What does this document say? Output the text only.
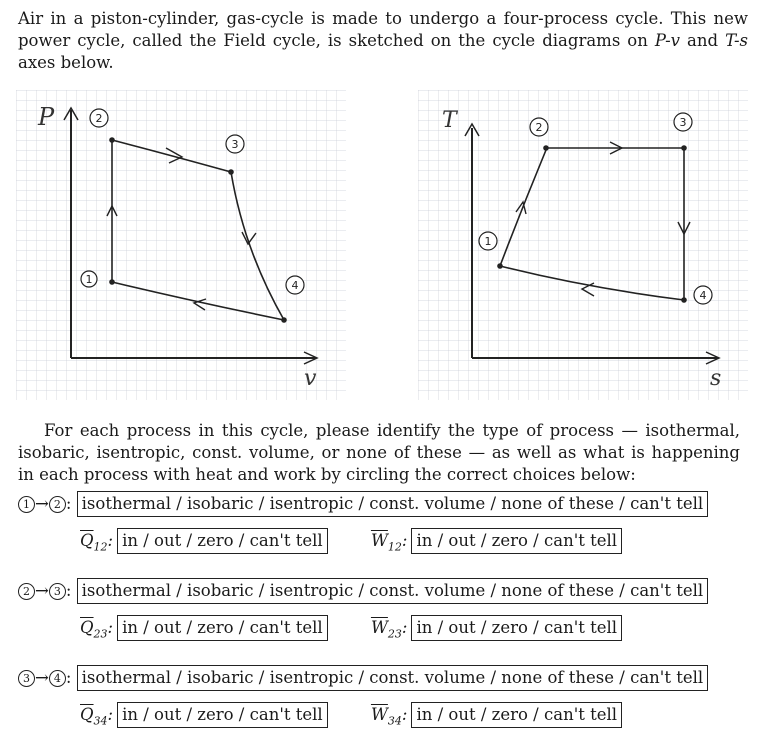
Air in a piston-cylinder, gas-cycle is made to undergo a four-process cycle. This new power cycle, called the Field cycle, is sketched on the cycle diagrams on P-v and T-s axes below.
P
v
1
2
3
4
T
s
1
2	3
4

For each process in this cycle, please identify the type of process — isothermal, isobaric, isentropic, const. volume, or none of these — as well as what is happening in each process with heat and work by circling the correct choices below:

1 → 2 : isothermal / isobaric / isentropic / const. volume / none of these / can't tell
$\overline{Q}_{12}$: in / out / zero / can't tell	$\overline{W}_{12}$: in / out / zero / can't tell
2 → 3 : isothermal / isobaric / isentropic / const. volume / none of these / can't tell
$\overline{Q}_{23}$: in / out / zero / can't tell	$\overline{W}_{23}$: in / out / zero / can't tell
3 → 4 : isothermal / isobaric / isentropic / const. volume / none of these / can't tell
$\overline{Q}_{34}$: in / out / zero / can't tell	$\overline{W}_{34}$: in / out / zero / can't tell
